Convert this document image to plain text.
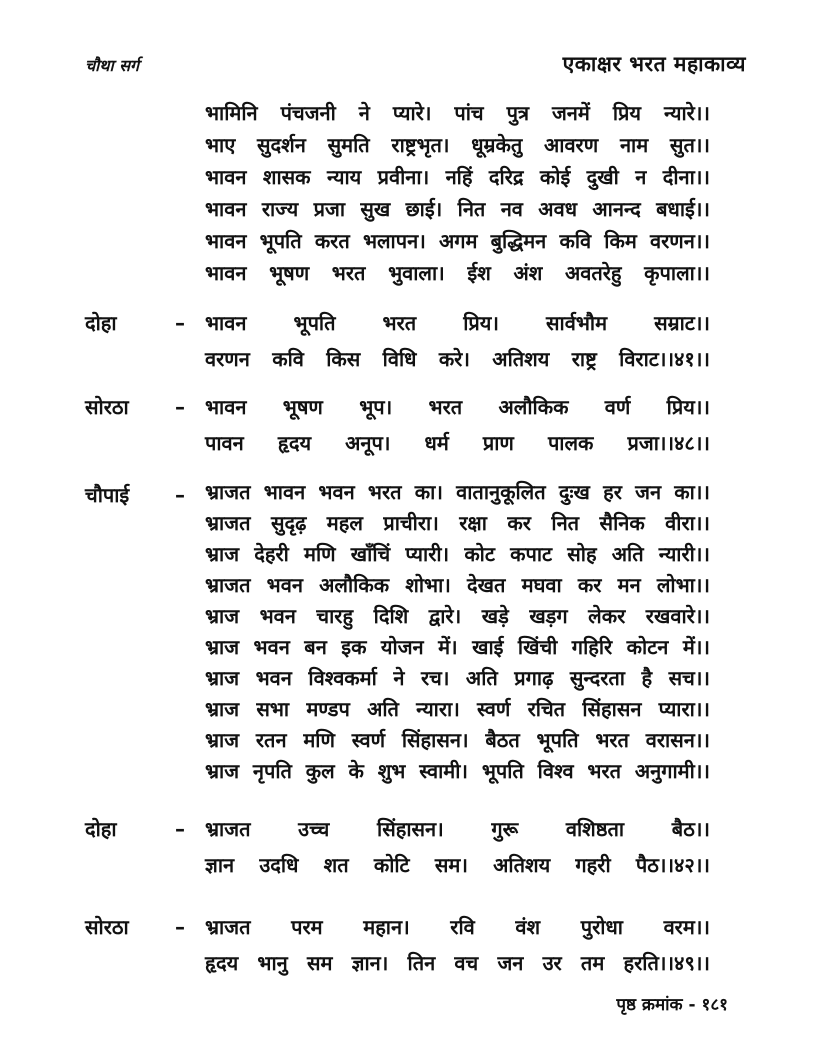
चौथा सर्ग	एकाक्षर भरत महाकाव्य
भामिनि पंचजनी ने प्यारे। पांच पुत्र जनमें प्रिय न्यारे।।
भाए सुदर्शन सुमति राष्ट्रभृत। धूम्रकेतु आवरण नाम सुत।।
भावन शासक न्याय प्रवीना। नहिं दरिद्र कोई दुखी न दीना।।
भावन राज्य प्रजा सुख छाई। नित नव अवध आनन्द बधाई।।
भावन भूपति करत भलापन। अगम बुद्धिमन कवि किम वरणन।।
भावन भूषण भरत भुवाला। ईश अंश अवतरेहु कृपाला।।
दोहा	–	भावन भूपति भरत प्रिय। सार्वभौम सम्राट।।
वरणन कवि किस विधि करे। अतिशय राष्ट्र विराट।।४१।।
सोरठा	–	भावन भूषण भूप। भरत अलौकिक वर्ण प्रिय।।
पावन हृदय अनूप। धर्म प्राण पालक प्रजा।।४८।।
चौपाई	–	भ्राजत भावन भवन भरत का। वातानुकूलित दुःख हर जन का।।
भ्राजत सुदृढ़ महल प्राचीरा। रक्षा कर नित सैनिक वीरा।।
भ्राज देहरी मणि खाँचिं प्यारी। कोट कपाट सोह अति न्यारी।।
भ्राजत भवन अलौकिक शोभा। देखत मघवा कर मन लोभा।।
भ्राज भवन चारहु दिशि द्वारे। खड़े खड़ग लेकर रखवारे।।
भ्राज भवन बन इक योजन में। खाई खिंची गहिरि कोटन में।।
भ्राज भवन विश्वकर्मा ने रच। अति प्रगाढ़ सुन्दरता है सच।।
भ्राज सभा मण्डप अति न्यारा। स्वर्ण रचित सिंहासन प्यारा।।
भ्राज रतन मणि स्वर्ण सिंहासन। बैठत भूपति भरत वरासन।।
भ्राज नृपति कुल के शुभ स्वामी। भूपति विश्व भरत अनुगामी।।
दोहा	–	भ्राजत उच्च सिंहासन। गुरू वशिष्ठता बैठ।।
ज्ञान उदधि शत कोटि सम। अतिशय गहरी पैठ।।४२।।
सोरठा	–	भ्राजत परम महान। रवि वंश पुरोधा वरम।।
हृदय भानु सम ज्ञान। तिन वच जन उर तम हरति।।४९।।
पृष्ठ क्रमांक - १८१
